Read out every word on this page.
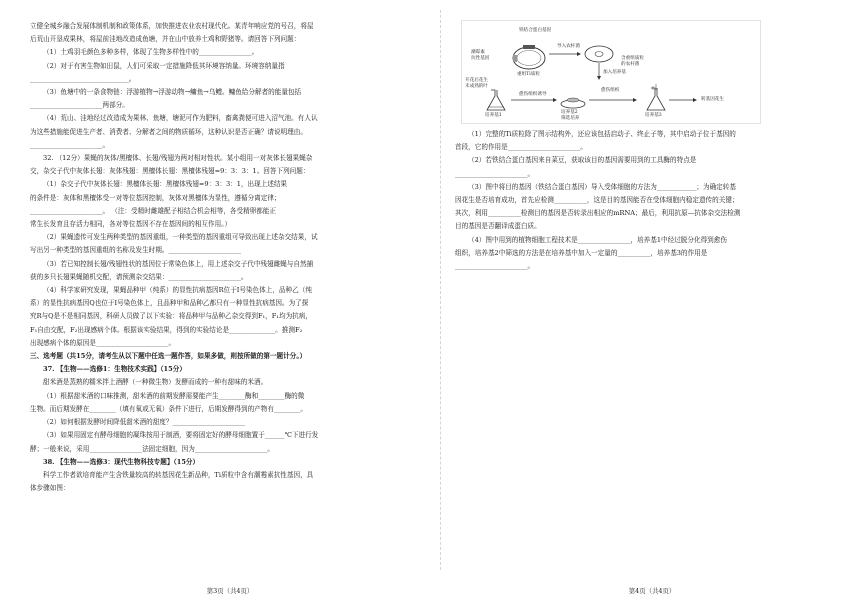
立健全城乡融合发展体制机制和政策体系，加快推进农业农村现代化。某青年响应党的号召，将屋
后荒山开垦成果林，将屋前洼地改造成鱼塘，并在山中放养土鸡和野猪等。请回答下列问题：
（1）土鸡羽毛颜色多种多样，体现了生物多样性中的________________。
（2）对于有害生物如田鼠，人们可采取一定措施降低其环境容纳量。环境容纳量指
______________________________。
（3）鱼塘中的一条食物链：浮游植物→浮游动物→鳙鱼→乌鳢。鳙鱼给分解者的能量包括
______________________两部分。
（4）荒山、洼地经过改造成为果林、鱼塘，塘泥可作为肥料，畜禽粪便可进入沼气池。有人认
为这些措施能促进生产者、消费者、分解者之间的物质循环，这种认识是否正确？请说明理由。
______________________。
32. （12分）果蝇的灰体/黑檀体、长翅/残翅为两对相对性状。某小组用一对灰体长翅果蝇杂
交，杂交子代中灰体长翅：灰体残翅：黑檀体长翅：黑檀体残翅=9：3：3：1。回答下列问题：
（1）杂交子代中灰体长翅：黑檀体长翅：黑檀体残翅=9：3：3：1，出现上述结果
的条件是：灰体和黑檀体受一对等位基因控制，灰体对黑檀体为显性，遵循分离定律；
______________________。 （注：受精时雌雄配子相结合机会相等，各受精卵都能正
常生长发育且存活力相同，各对等位基因不存在基因间的相互作用。）
（2）果蝇遗传可发生两种类型的基因重组，一种类型的基因重组可导致出现上述杂交结果，试
写出另一种类型的基因重组的名称及发生时期。______________________
（3）若已知控制长翅/残翅性状的基因位于常染色体上，用上述杂交子代中残翅雌蝇与自然捕
获的多只长翅果蝇随机交配，请预测杂交结果：______________________。
（4）科学家研究发现，果蝇品种甲（纯系）的显性抗病基因R位于Ⅰ号染色体上，品种乙（纯
系）的显性抗病基因Q也位于Ⅰ号染色体上，且品种甲和品种乙都只有一种显性抗病基因。为了探
究R与Q是不是相同基因，科研人员做了以下实验：将品种甲与品种乙杂交得到F₁，F₁均为抗病，
F₁自由交配，F₂出现感病个体。根据该实验结果，得到的实验结论是______________。推测F₂
出现感病个体的原因是______________________。
三、选考题（共15分，请考生从以下题中任选一题作答，如果多做，则按所做的第一题计分。）
37. 【生物——选修1：生物技术实践】（15分）
甜米酒是蒸熟的糯米拌上酒酵（一种微生物）发酵而成的一种有甜味的米酒。
（1）根据甜米酒的口味推测，甜米酒的前期发酵需要能产生________酶和________酶的微
生物。而后期发酵在________（填有氧或无氧）条件下进行，后期发酵得到的产物有________。
（2）如何根据发酵时间降低甜米酒的甜度？______________________
（3）如果用固定有酵母细胞的凝珠按用于制酒，要将固定好的酵母细胞置于______℃下进行发
酵；一般来说，采用________________法固定细胞，因为______________________。
38. 【生物——选修3：现代生物科技专题】（15分）
科学工作者欲培育能产生含铁量较高的转基因花生新品种，Ti质粒中含有潮霉素抗性基因，具
体步骤如图：
第3页（共4页）
铁结合蛋白基因
导入农杆菌
潮霉素
抗性基因
重组Ti质粒
含重组质粒
的农杆菌
开花后花生
未成熟的叶
加入培养基
愈伤组织诱导
愈伤组织
培养基1
培养基2
筛选培养
培养基3
转基因花生
（1）完整的Ti质粒除了图示结构外，还应该包括启动子、终止子等，其中启动子位于基因的
首段，它的作用是______________________。
（2）若铁结合蛋白基因来自菜豆，获取该目的基因需要用到的工具酶的特点是
______________________。
（3）图中将目的基因（铁结合蛋白基因）导入受体细胞的方法为____________；为确定转基
因花生是否培育成功，首先应检测__________，这是目的基因能否在受体细胞内稳定遗传的关键；
其次，利用__________检测目的基因是否转录出相应的mRNA；最后，利用抗原—抗体杂交法检测
目的基因是否翻译成蛋白质。
（4）图中用到的植物细胞工程技术是________________，培养基1中经过脱分化得到愈伤
组织，培养基2中筛选的方法是在培养基中加入一定量的__________，培养基3的作用是
______________________。
第4页（共4页）
